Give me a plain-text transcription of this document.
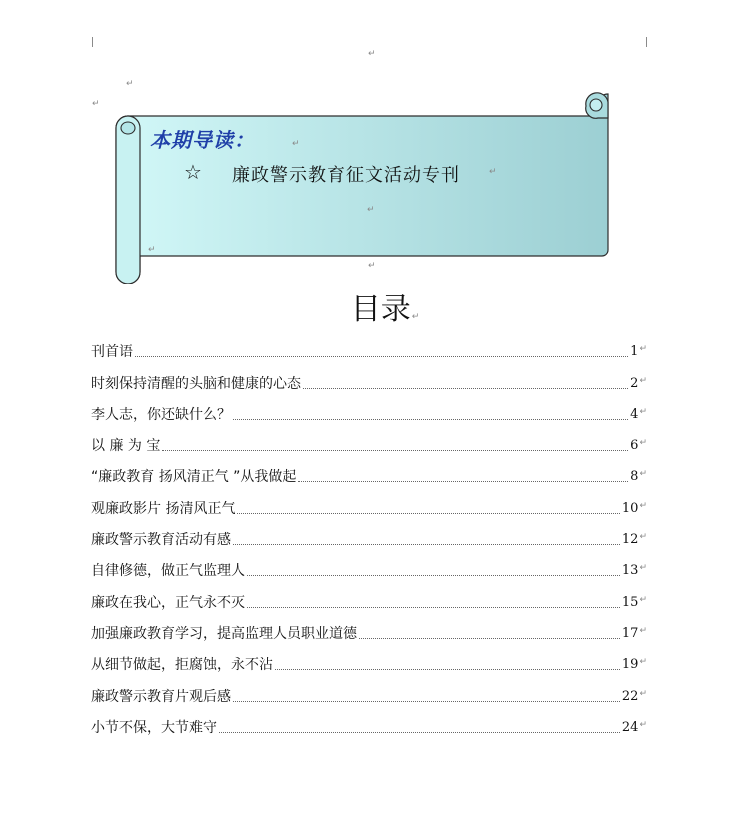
↵
↵
↵
本期导读：	↵
☆ 廉政警示教育征文活动专刊	↵
↵
↵
↵
目录↵
刊首语	1 ↵
时刻保持清醒的头脑和健康的心态	2 ↵
李人志，你还缺什么？	4 ↵
以 廉 为 宝	6 ↵
“廉政教育 扬风清正气 ”从我做起	8 ↵
观廉政影片 扬清风正气	10 ↵
廉政警示教育活动有感	12 ↵
自律修德，做正气监理人	13 ↵
廉政在我心，正气永不灭	15 ↵
加强廉政教育学习，提高监理人员职业道德	17 ↵
从细节做起，拒腐蚀，永不沾	19 ↵
廉政警示教育片观后感	22 ↵
小节不保，大节难守	24 ↵
